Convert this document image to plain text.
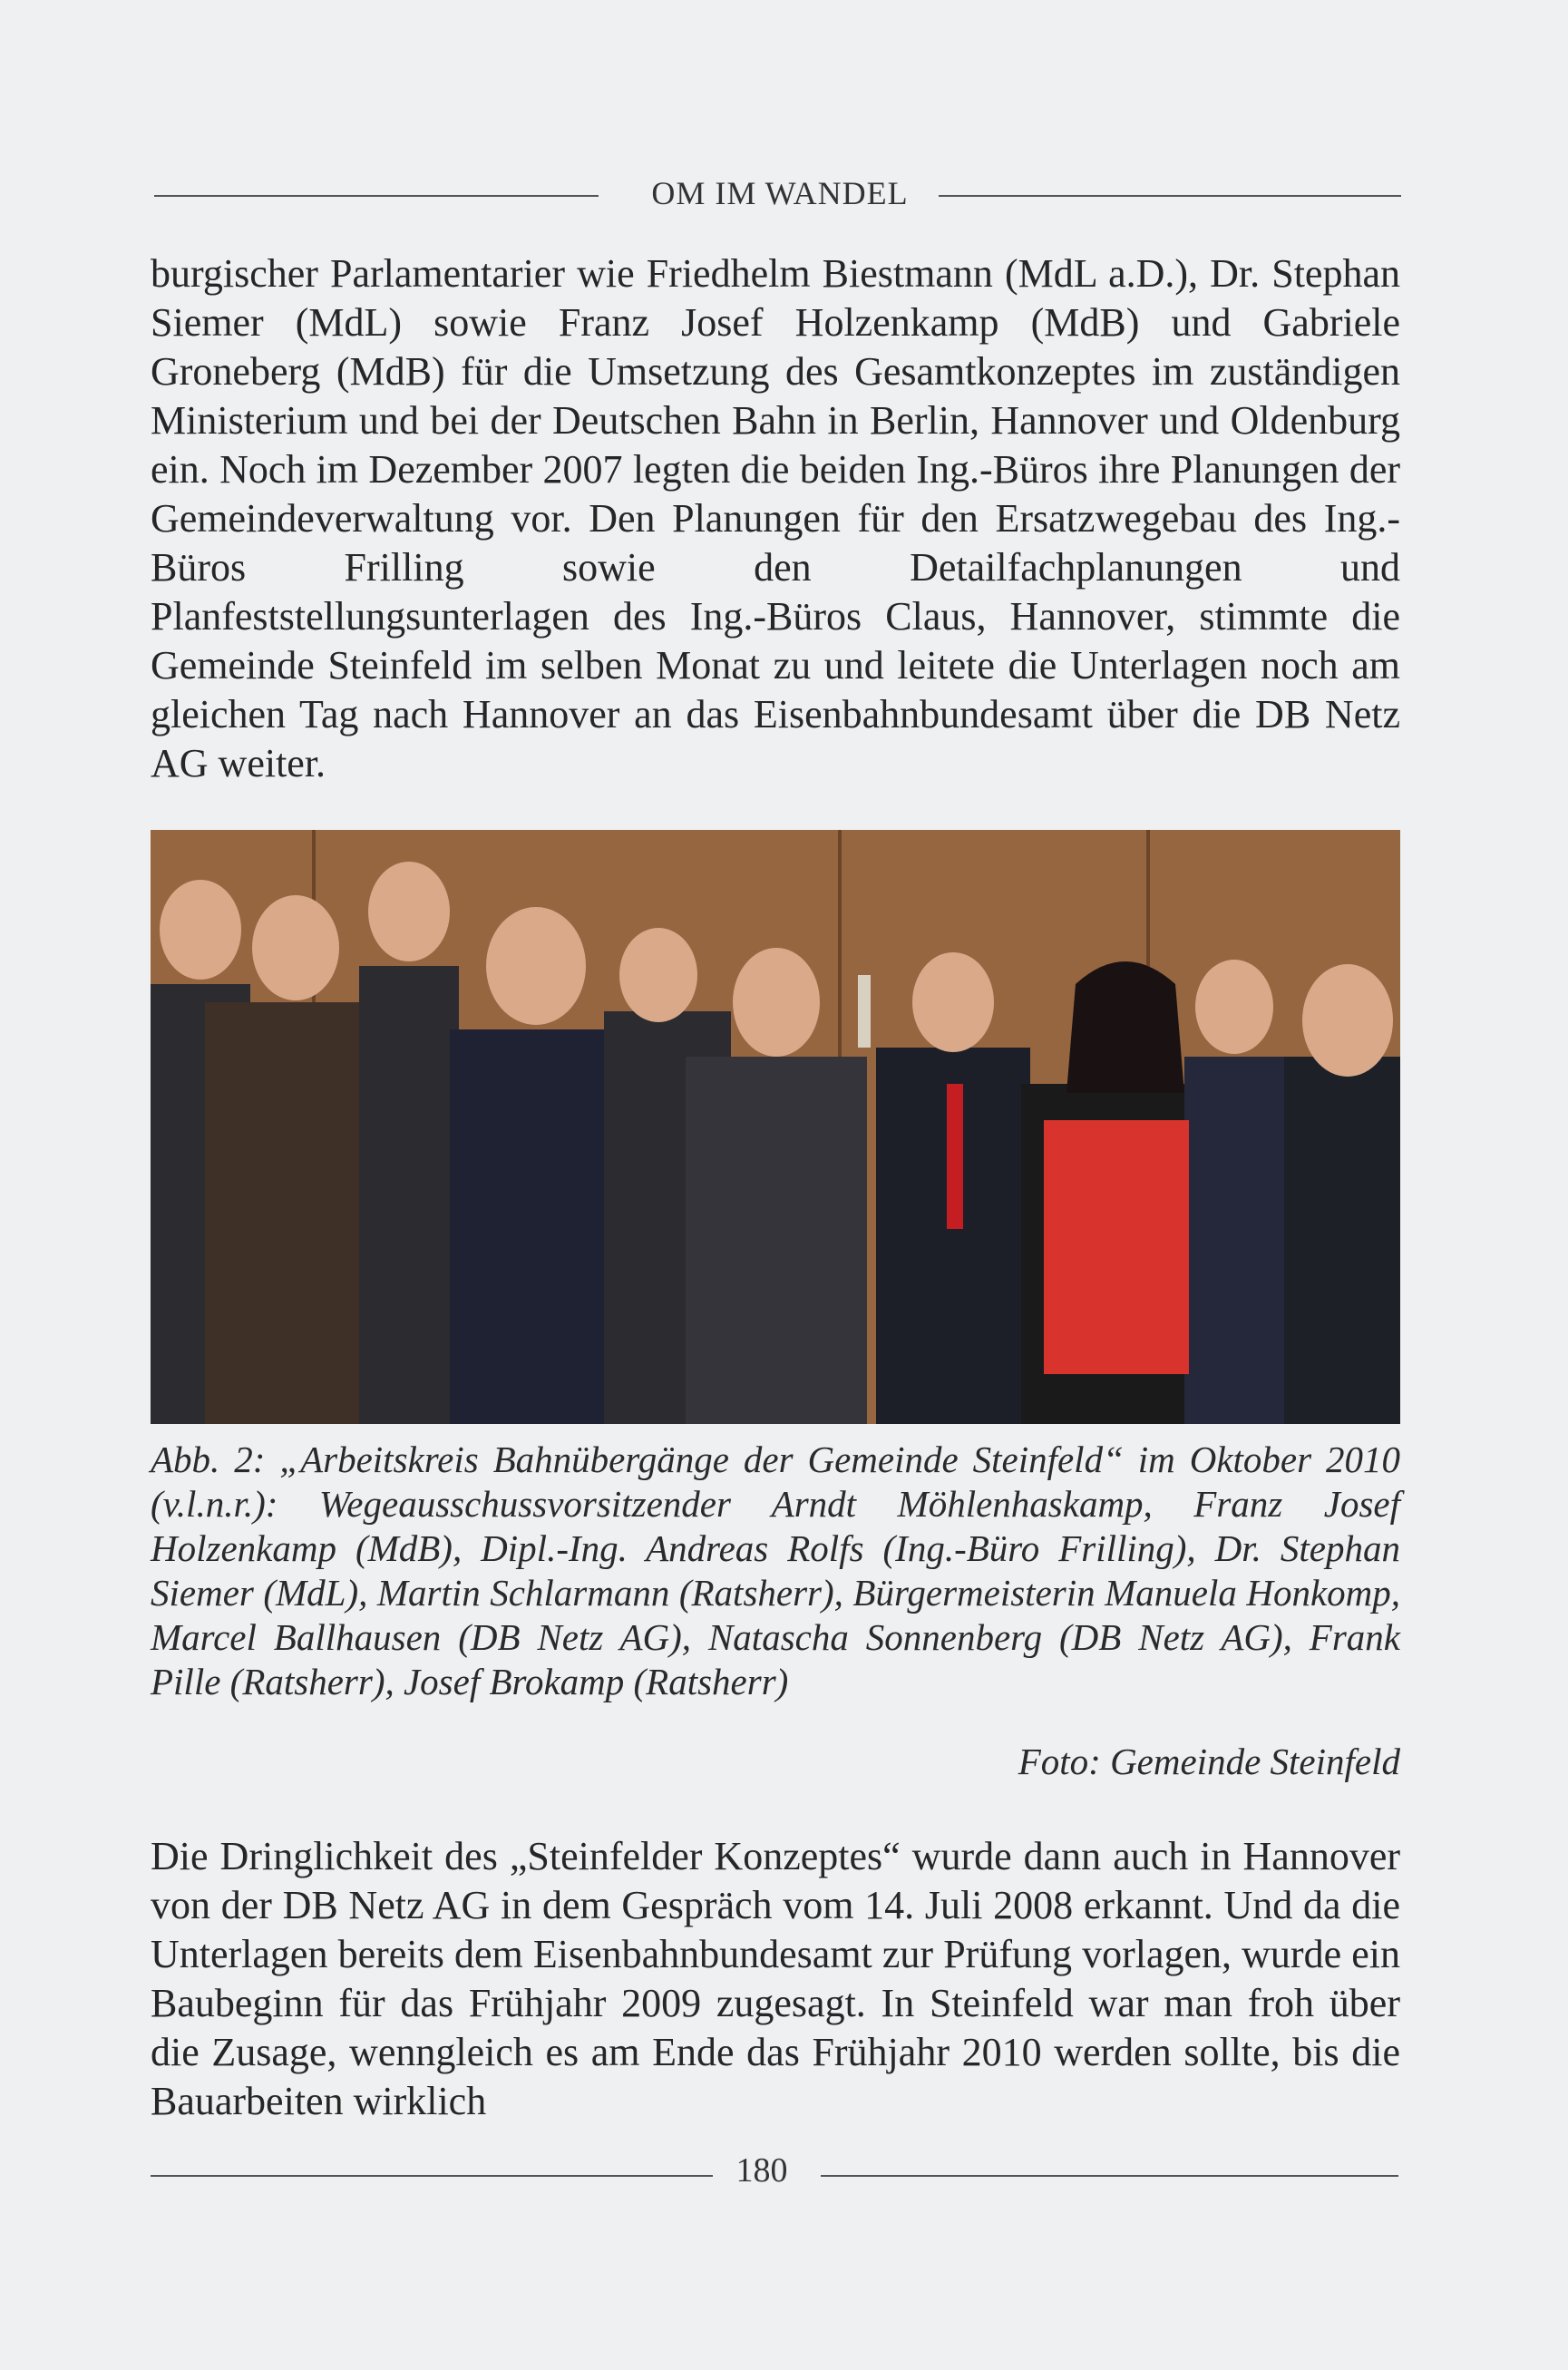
OM IM WANDEL
burgischer Parlamentarier wie Friedhelm Biestmann (MdL a.D.), Dr. Stephan Siemer (MdL) sowie Franz Josef Holzenkamp (MdB) und Gabriele Groneberg (MdB) für die Umsetzung des Gesamtkonzeptes im zuständigen Ministerium und bei der Deutschen Bahn in Berlin, Hannover und Oldenburg ein. Noch im Dezember 2007 legten die beiden Ing.-Büros ihre Planungen der Gemeindeverwaltung vor. Den Planungen für den Ersatzwegebau des Ing.-Büros Frilling sowie den Detailfachplanungen und Planfeststellungsunterlagen des Ing.-Büros Claus, Hannover, stimmte die Gemeinde Steinfeld im selben Monat zu und leitete die Unterlagen noch am gleichen Tag nach Hannover an das Eisenbahnbundesamt über die DB Netz AG weiter.
Abb. 2: „Arbeitskreis Bahnübergänge der Gemeinde Steinfeld“ im Oktober 2010 (v.l.n.r.): Wegeausschussvorsitzender Arndt Möhlenhaskamp, Franz Josef Holzenkamp (MdB), Dipl.-Ing. Andreas Rolfs (Ing.-Büro Frilling), Dr. Stephan Siemer (MdL), Martin Schlarmann (Ratsherr), Bürgermeisterin Manuela Honkomp, Marcel Ballhausen (DB Netz AG), Natascha Sonnenberg (DB Netz AG), Frank Pille (Ratsherr), Josef Brokamp (Ratsherr)
Foto: Gemeinde Steinfeld
Die Dringlichkeit des „Steinfelder Konzeptes“ wurde dann auch in Hannover von der DB Netz AG in dem Gespräch vom 14. Juli 2008 erkannt. Und da die Unterlagen bereits dem Eisenbahnbundesamt zur Prüfung vorlagen, wurde ein Baubeginn für das Frühjahr 2009 zugesagt. In Steinfeld war man froh über die Zusage, wenngleich es am Ende das Frühjahr 2010 werden sollte, bis die Bauarbeiten wirklich
180
